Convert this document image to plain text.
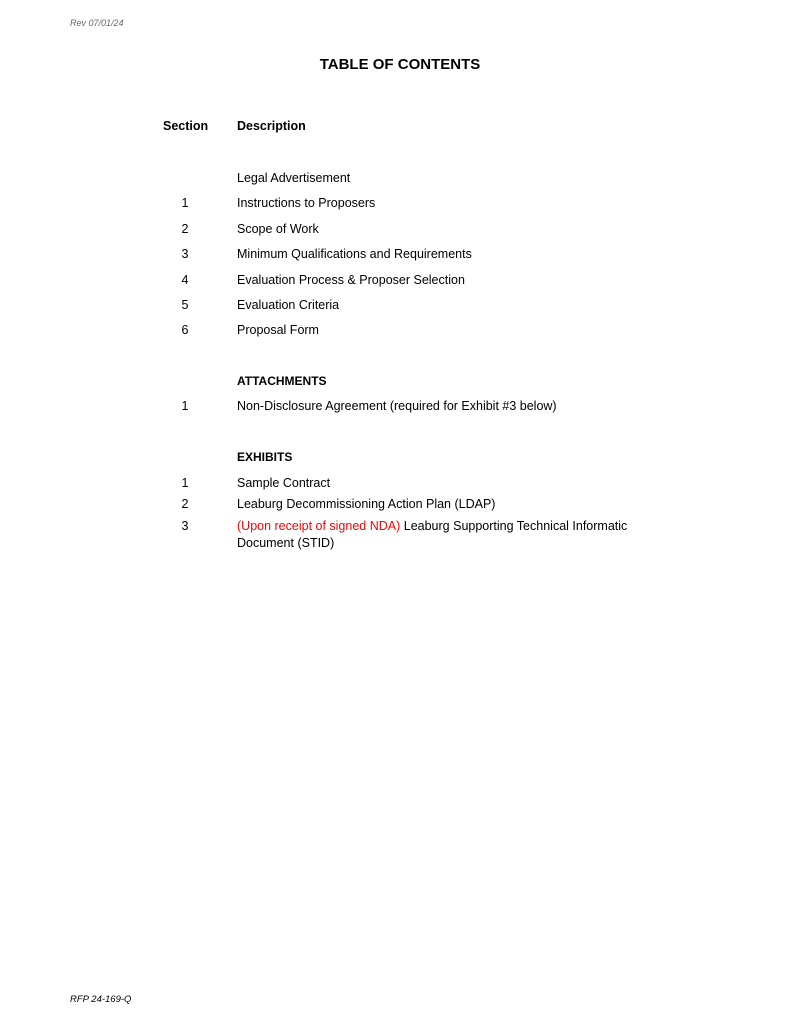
Rev 07/01/24
TABLE OF CONTENTS
Section Description
Legal Advertisement
1	Instructions to Proposers
2	Scope of Work
3	Minimum Qualifications and Requirements
4	Evaluation Process & Proposer Selection
5	Evaluation Criteria
6	Proposal Form
ATTACHMENTS
1	Non-Disclosure Agreement (required for Exhibit #3 below)
EXHIBITS
1	Sample Contract
2	Leaburg Decommissioning Action Plan (LDAP)
3	(Upon receipt of signed NDA) Leaburg Supporting Technical Informatic
Document (STID)
RFP 24-169-Q
